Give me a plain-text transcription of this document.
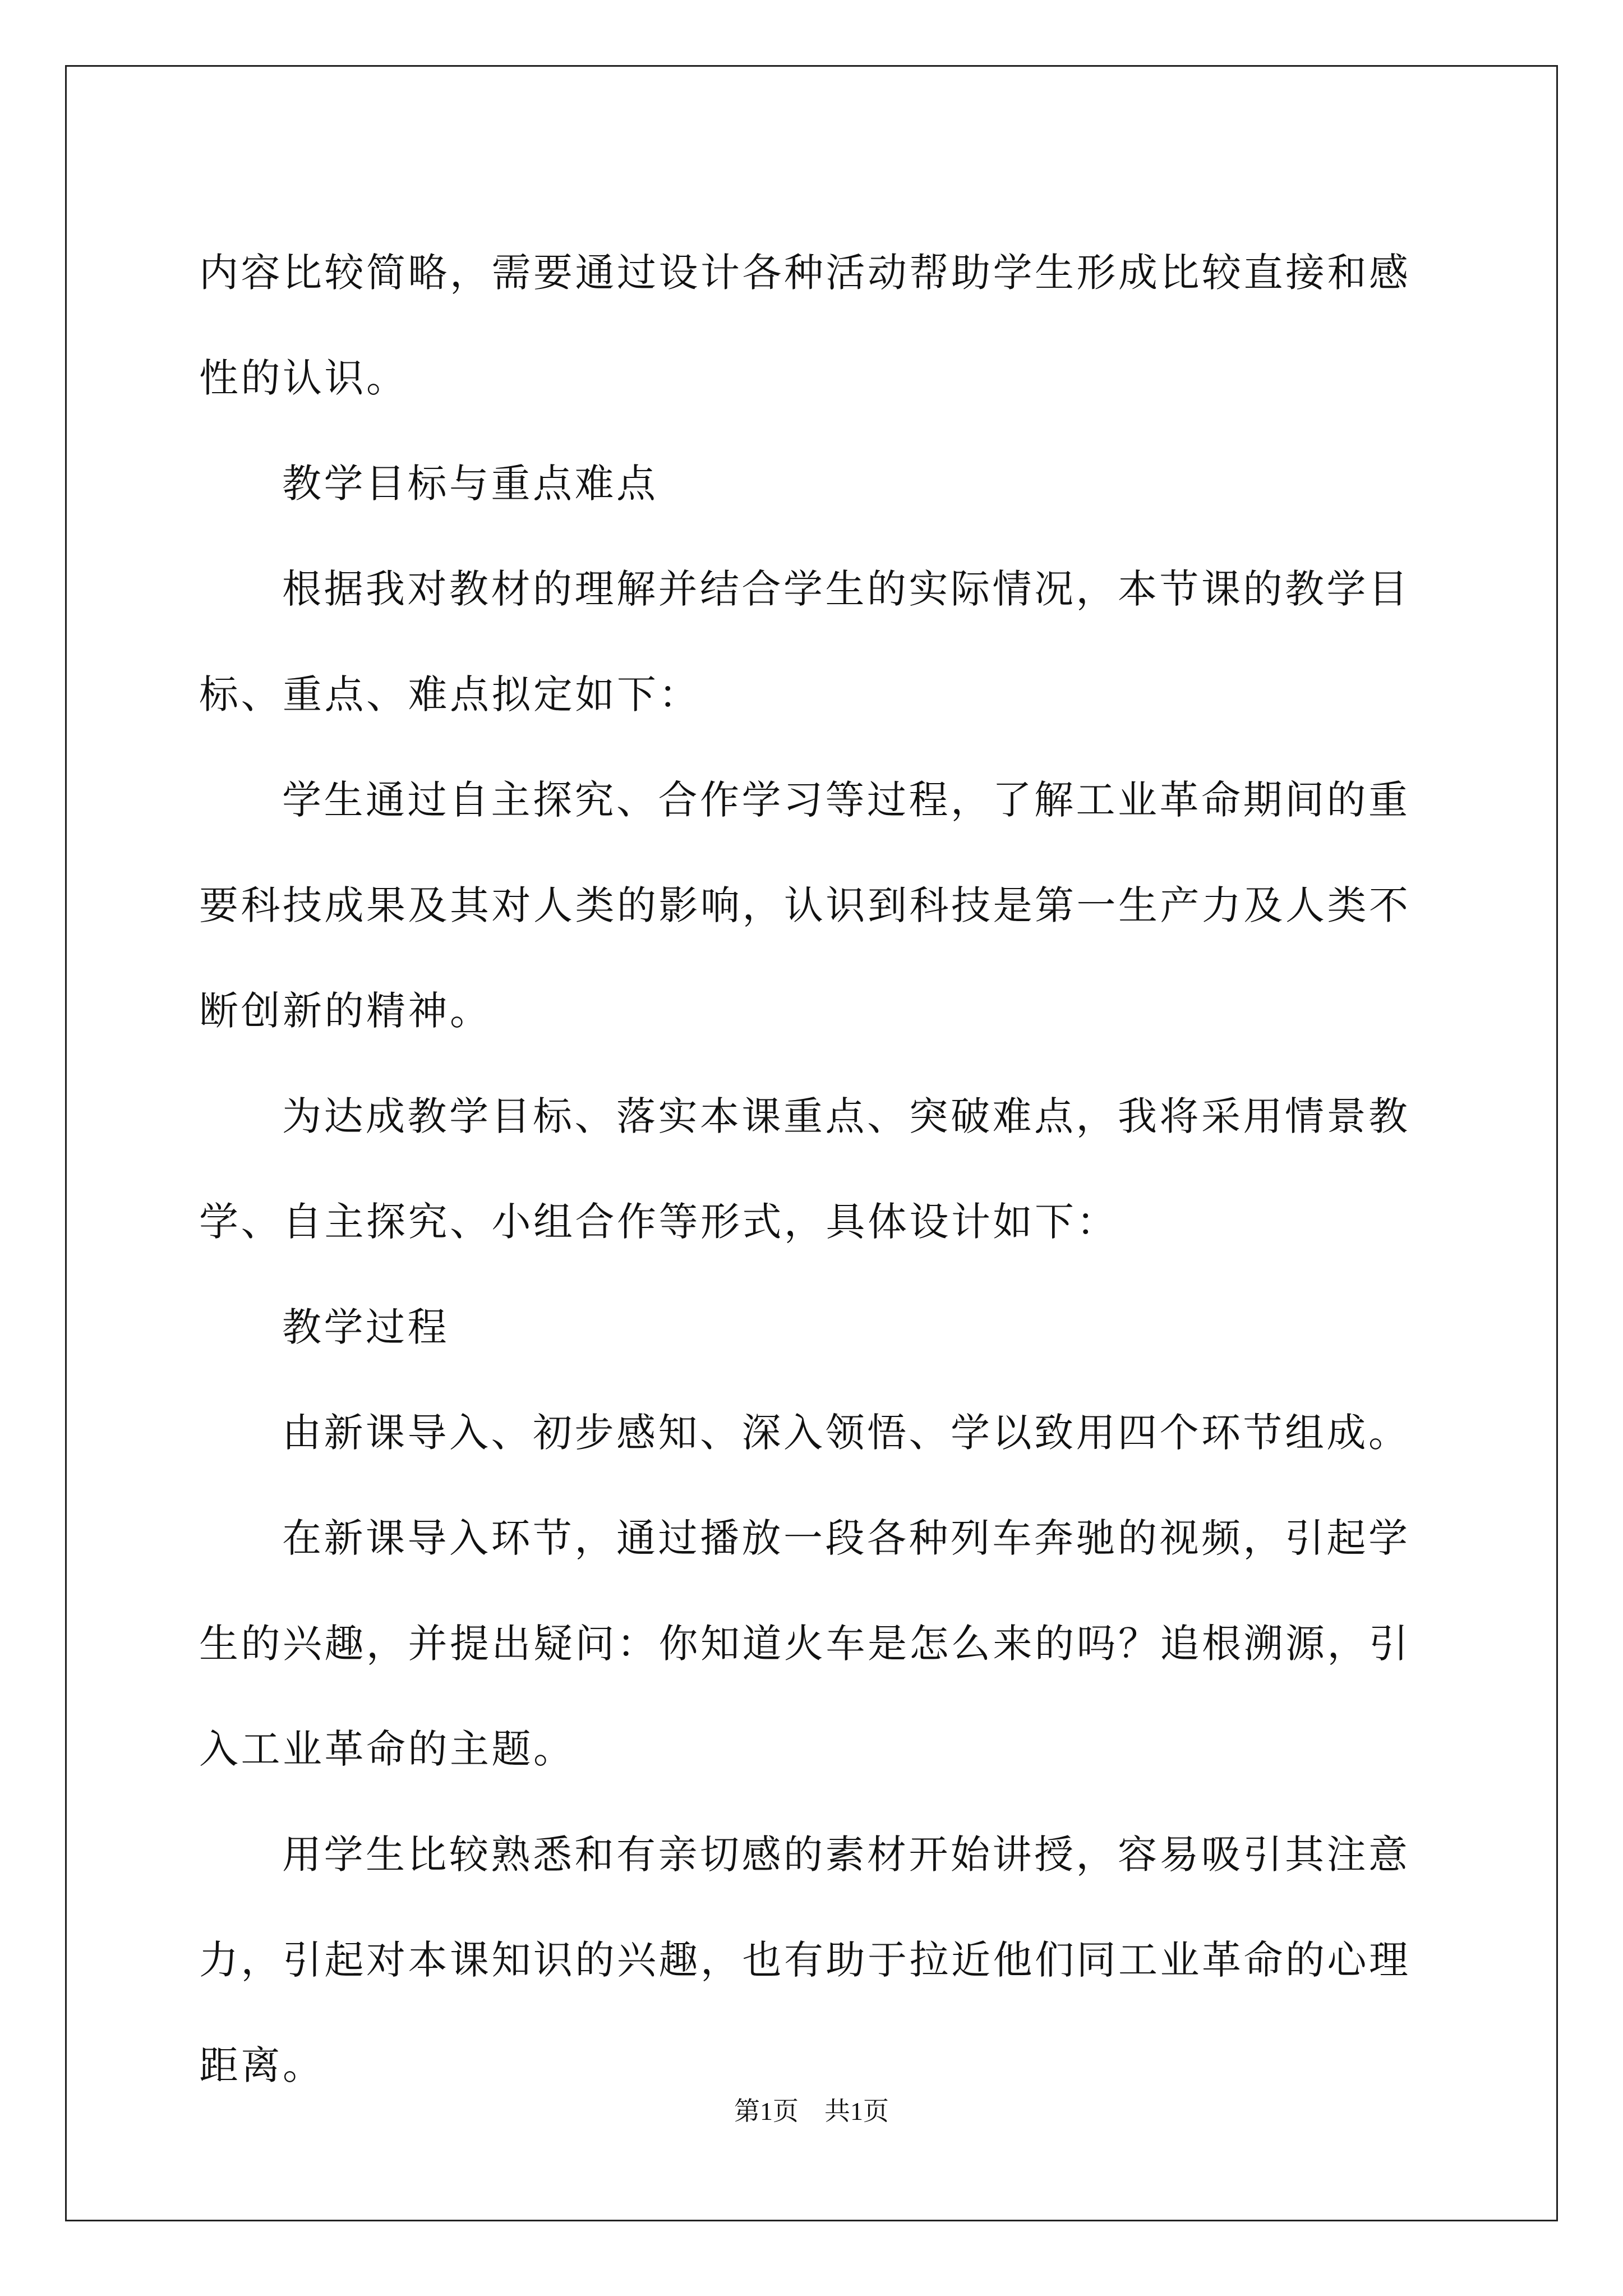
内容比较简略，需要通过设计各种活动帮助学生形成比较直接和感性的认识。

教学目标与重点难点

根据我对教材的理解并结合学生的实际情况，本节课的教学目标、重点、难点拟定如下：

学生通过自主探究、合作学习等过程，了解工业革命期间的重要科技成果及其对人类的影响，认识到科技是第一生产力及人类不断创新的精神。

为达成教学目标、落实本课重点、突破难点，我将采用情景教学、自主探究、小组合作等形式，具体设计如下：

教学过程

由新课导入、初步感知、深入领悟、学以致用四个环节组成。

在新课导入环节，通过播放一段各种列车奔驰的视频，引起学生的兴趣，并提出疑问：你知道火车是怎么来的吗？追根溯源，引入工业革命的主题。

用学生比较熟悉和有亲切感的素材开始讲授，容易吸引其注意力，引起对本课知识的兴趣，也有助于拉近他们同工业革命的心理距离。

第1页　共1页
